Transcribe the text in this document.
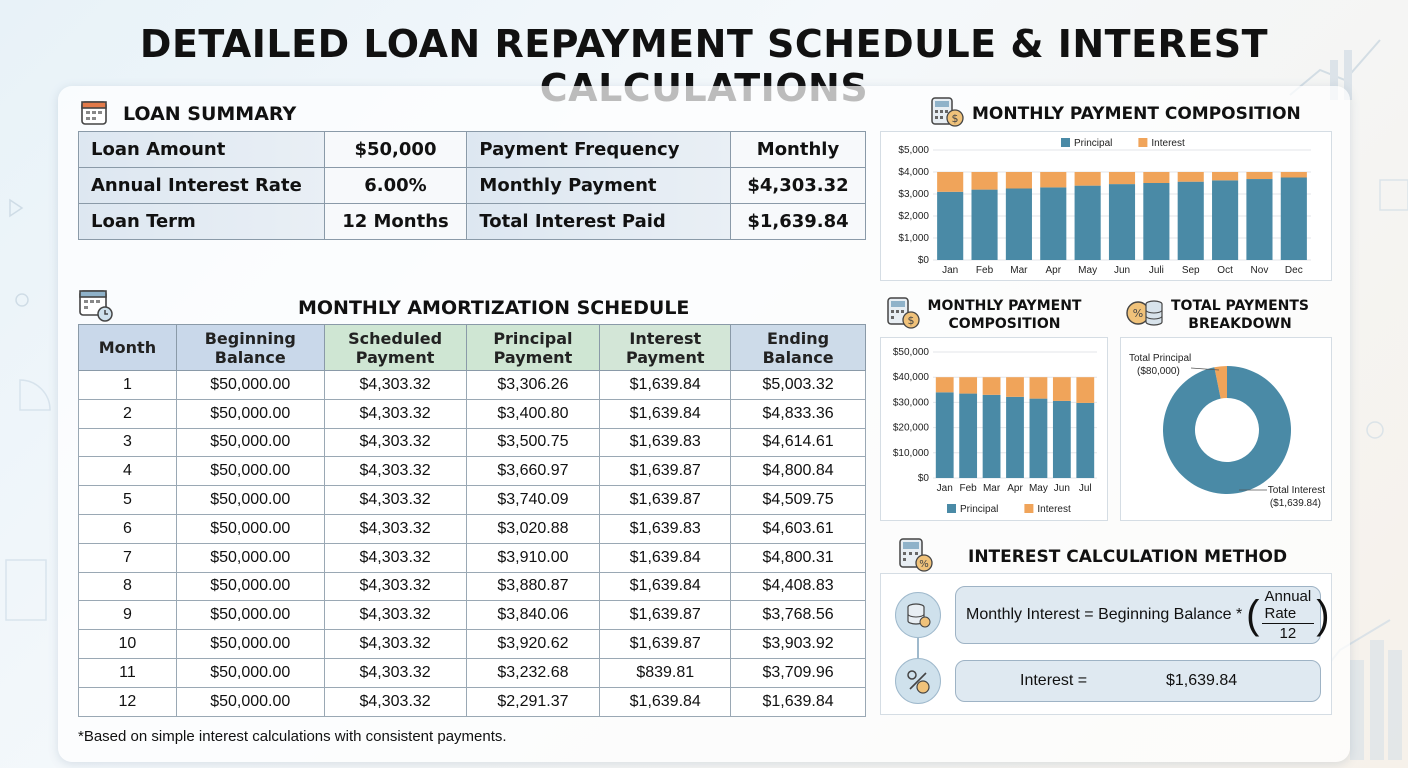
DETAILED LOAN REPAYMENT SCHEDULE & INTEREST
LOAN SUMMARY
Loan Amount	$50,000	Payment Frequency	Monthly
Annual Interest Rate	6.00%	Monthly Payment	$4,303.32
Loan Term	12 Months	Total Interest Paid	$1,639.84
MONTHLY AMORTIZATION SCHEDULE
Month	Beginning Balance	Scheduled Payment	Principal Payment	Interest Payment	Ending Balance
1	$50,000.00	$4,303.32	$3,306.26	$1,639.84	$5,003.32
2	$50,000.00	$4,303.32	$3,400.80	$1,639.84	$4,833.36
3	$50,000.00	$4,303.32	$3,500.75	$1,639.83	$4,614.61
4	$50,000.00	$4,303.32	$3,660.97	$1,639.87	$4,800.84
5	$50,000.00	$4,303.32	$3,740.09	$1,639.87	$4,509.75
6	$50,000.00	$4,303.32	$3,020.88	$1,639.83	$4,603.61
7	$50,000.00	$4,303.32	$3,910.00	$1,639.84	$4,800.31
8	$50,000.00	$4,303.32	$3,880.87	$1,639.84	$4,408.83
9	$50,000.00	$4,303.32	$3,840.06	$1,639.87	$3,768.56
10	$50,000.00	$4,303.32	$3,920.62	$1,639.87	$3,903.92
11	$50,000.00	$4,303.32	$3,232.68	$839.81	$3,709.96
12	$50,000.00	$4,303.32	$2,291.37	$1,639.84	$1,639.84
*Based on simple interest calculations with consistent payments.
$ MONTHLY PAYMENT COMPOSITION
$0
$1,000
$2,000
$3,000
$4,000
$5,000
Jan Feb Mar Apr May Jun Juli Sep Oct Nov Dec
Principal	Interest
$
MONTHLY PAYMENT COMPOSITION
$0
$10,000
$20,000
$30,000
$40,000
$50,000
Jan Feb Mar Apr May Jun Jul
Principal	Interest
%	TOTAL PAYMENTS BREAKDOWN
Total Principal
($80,000)
Total Interest
($1,639.84)
% INTEREST CALCULATION METHOD
Monthly Interest = Beginning Balance * ( Annual Rate
12 )
Interest =	$1,639.84
